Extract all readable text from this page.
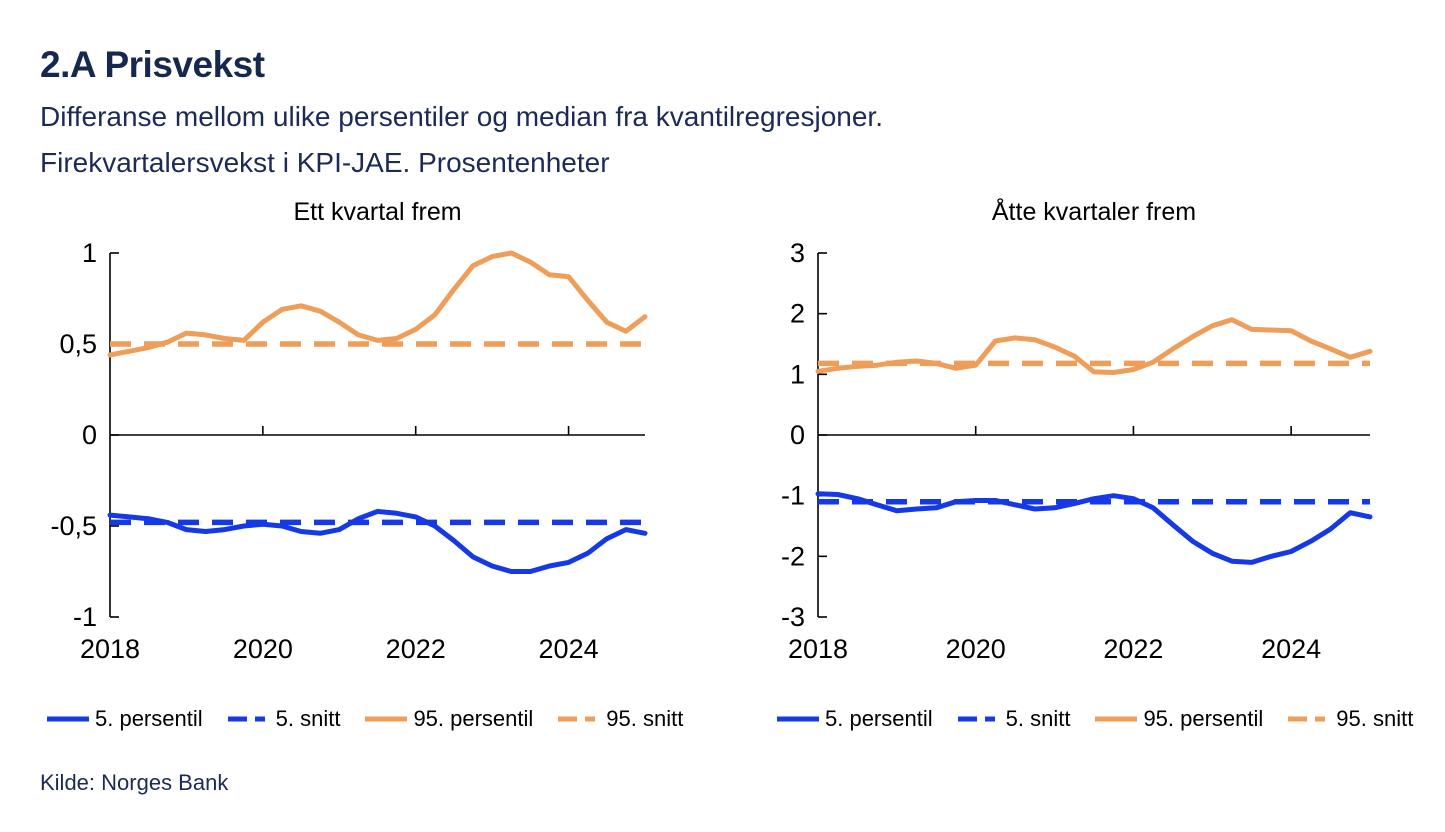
2.A Prisvekst
Differanse mellom ulike persentiler og median fra kvantilregresjoner.
Firekvartalersvekst i KPI-JAE. Prosentenheter
Ett kvartal frem	Åtte kvartaler frem
1
0,5
0
-0,5
-1
2018	2020	2022	2024
3
2
1
0
-1
-2
-3
2018	2020	2022	2024
5. persentil	5. snitt	95. persentil	95. snitt	5. persentil	5. snitt	95. persentil	95. snitt
Kilde: Norges Bank
